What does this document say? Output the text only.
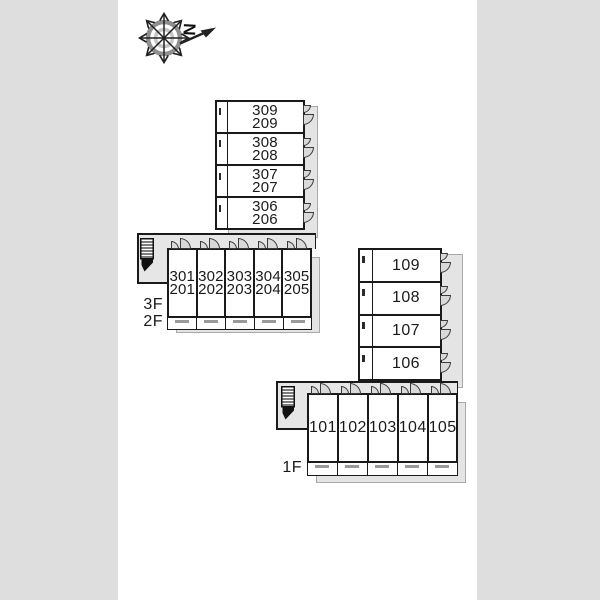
N
309
209
308
208
307
207
306
206
301
201
302
202
303
203
304
204
305
205
3F
2F
109
108
107
106
101 102 103 104 105
1F
